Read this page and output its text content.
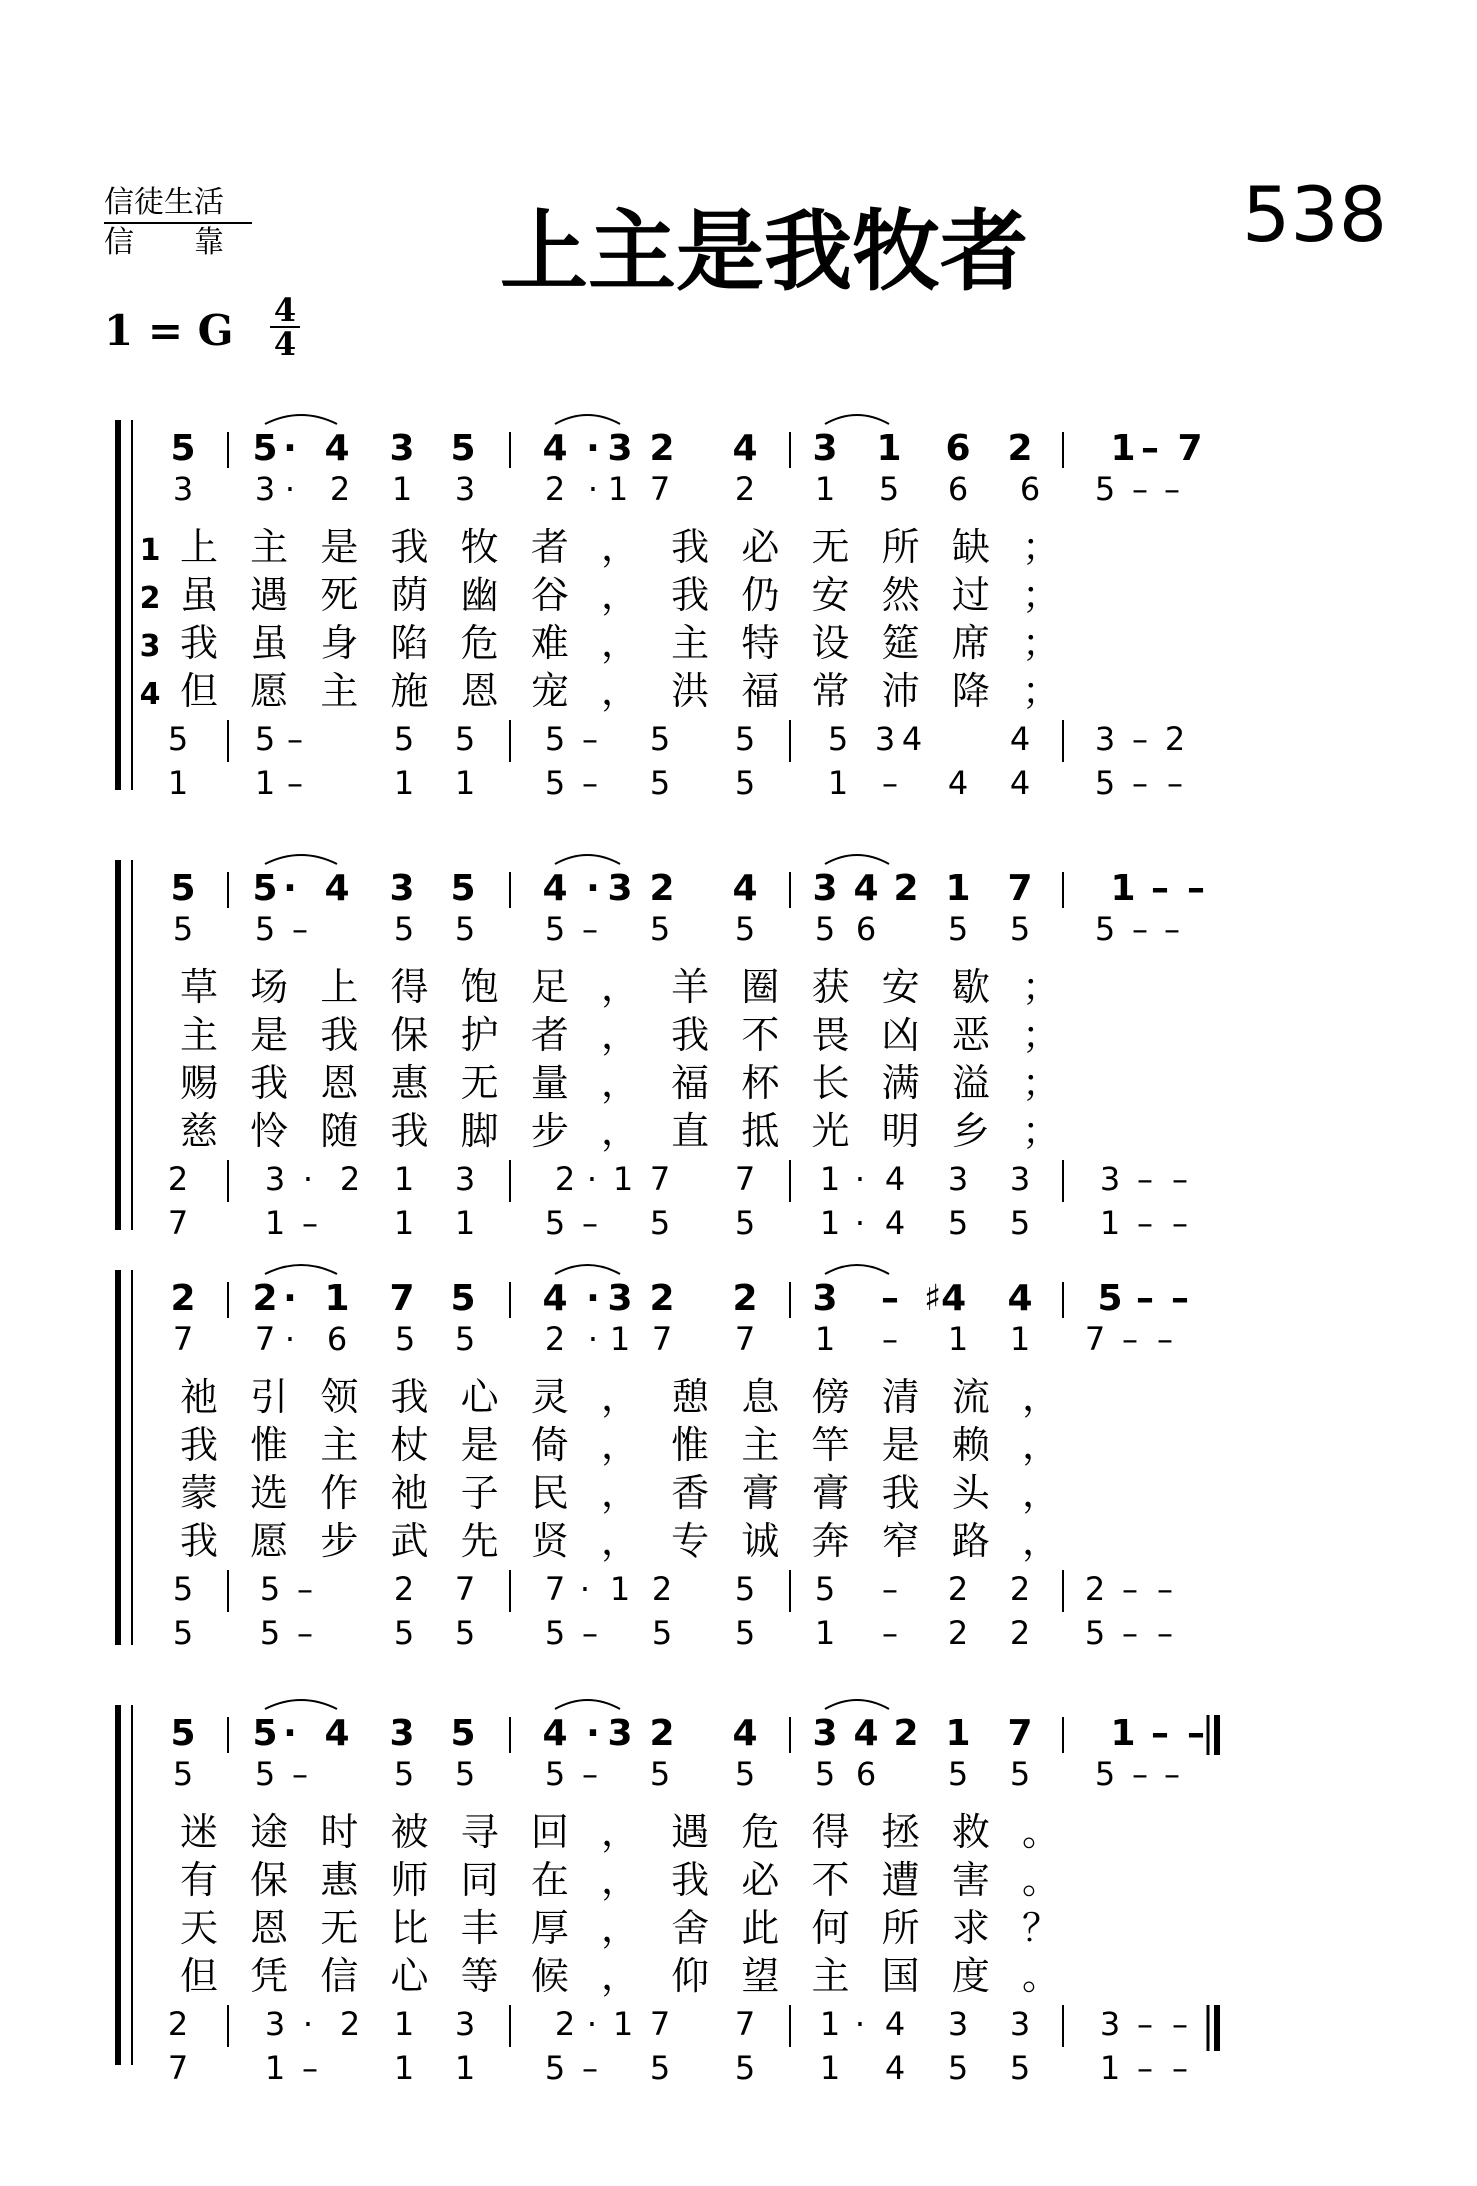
信徒生活
信　　靠	上主是我牧者	538
1 = G 4
4
5 5 · 4 3 5 4 · 3 2 4 3 1 6 2 1 – 7
3 3 · 2 1 3 2 · 1 7 2 1 5 6 6 5 – –
5 5 –	5 5 5 – 5 5 5 3 4	4 3 – 2
1 1 –	1 1 5 – 5 5 1 – 4 4 5 – –
1 上主是我牧者，我必无所缺；
2 虽遇死荫幽谷，我仍安然过；
3 我虽身陷危难，主特设筵席；
4 但愿主施恩宠，洪福常沛降；
5 5 · 4 3 5 4 · 3 2 4 3 4 2 1 7 1 – –
5 5 –	5 5 5 – 5 5 5 6 5 5 5 – –
2 3 · 2 1 3 2 · 1 7 7 1 · 4 3 3 3 – –
7 1 – 1 1 5 – 5 5 1 · 4 5 5 1 – –
草场上得饱足，羊圈获安歇；
主是我保护者，我不畏凶恶；
赐我恩惠无量，福杯长满溢；
慈怜随我脚步，直抵光明乡；
2 2 · 1 7 5 4 · 3 2 2 3 – ♯4 4 5 – –
7 7 · 6 5 5 2 · 1 7 7 1 – 1 1 7 – –
5 5 –	2 7 7 · 1 2 5 5 – 2 2 2 – –
5 5 –	5 5 5 – 5 5 1 – 2 2 5 – –
祂引领我心灵，憩息傍清流，
我惟主杖是倚，惟主竿是赖，
蒙选作祂子民，香膏膏我头，
我愿步武先贤，专诚奔窄路，
5 5 · 4 3 5 4 · 3 2 4 3 4 2 1 7 1 – –
5 5 –	5 5 5 – 5 5 5 6 5 5 5 – –
2 3 · 2 1 3 2 · 1 7 7 1 · 4 3 3 3 – –
7 1 – 1 1 5 – 5 5 1 4 5 5 1 – –
迷途时被寻回，遇危得拯救。
有保惠师同在，我必不遭害。
天恩无比丰厚，舍此何所求？
但凭信心等候，仰望主国度。
